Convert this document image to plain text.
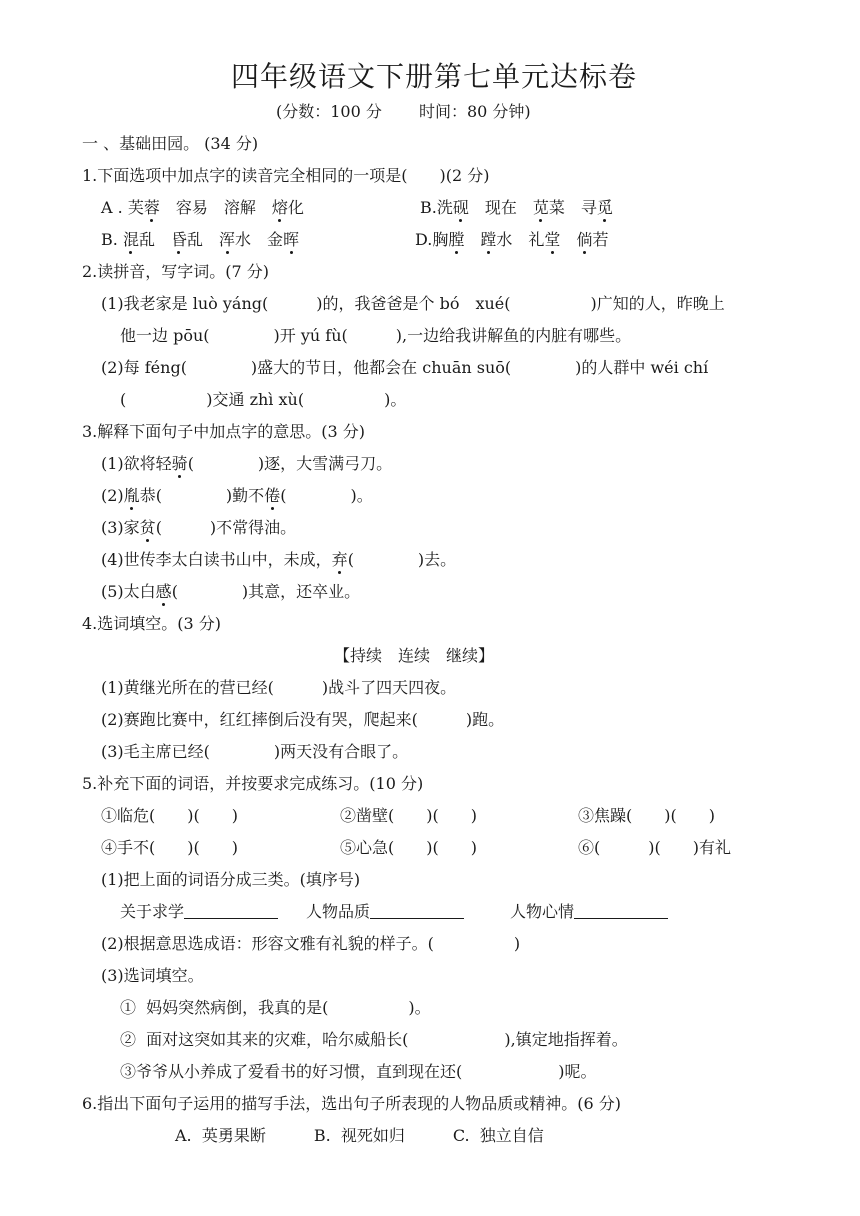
四年级语文下册第七单元达标卷
(分数：100 分　　 时间：80 分钟)
一 、基础田园。 (34 分)
1.下面选项中加点字的读音完全相同的一项是(　　)(2 分)
A . 芙蓉　容易　溶解　熔化	B.洗砚　现在　苋菜　寻觅
B. 混乱　昏乱　浑水　金晖	D.胸膛　 蹚水　礼堂　 倘若
2.读拼音，写字词。(7 分)
(1)我老家是 luò yáng(　　　)的，我爸爸是个 bó　xué(　　　　　)广知的人，昨晚上
他一边 pōu(　　　　)开 yú fù(　　　),一边给我讲解鱼的内脏有哪些。
(2)每 féng(　　　　)盛大的节日，他都会在 chuān suō(　　　　)的人群中 wéi chí
(　　　　　)交通 zhì xù(　　　　　)。
3.解释下面句子中加点字的意思。(3 分)
(1)欲将轻骑(　　　　)逐，大雪满弓刀。
(2)胤恭(　　　　)勤不倦(　　　　)。
(3)家贫(　　　)不常得油。
(4)世传李太白读书山中，未成，弃(　　　　)去。
(5)太白感(　　　　)其意，还卒业。
4.选词填空。(3 分)
【持续　连续　继续】
(1)黄继光所在的营已经(　　　)战斗了四天四夜。
(2)赛跑比赛中，红红摔倒后没有哭，爬起来(　　　)跑。
(3)毛主席已经(　　　　)两天没有合眼了。
5.补充下面的词语，并按要求完成练习。(10 分)
①临危(　　)(　　)	②凿壁(　　)(　　)	③焦躁(　　)(　　)
④手不(　　)(　　)	⑤心急(　　)(　　)	⑥(　　　)(　　)有礼
(1)把上面的词语分成三类。(填序号)
关于求学	人物品质	人物心情
(2)根据意思选成语：形容文雅有礼貌的样子。(　　　　　)
(3)选词填空。
①  妈妈突然病倒，我真的是(　　　　　)。
②  面对这突如其来的灾难，哈尔威船长(　　　　　　),镇定地指挥着。
③爷爷从小养成了爱看书的好习惯，直到现在还(　　　　　　)呢。
6.指出下面句子运用的描写手法，选出句子所表现的人物品质或精神。(6 分)
A.  英勇果断　　　B.  视死如归　　　C.  独立自信
